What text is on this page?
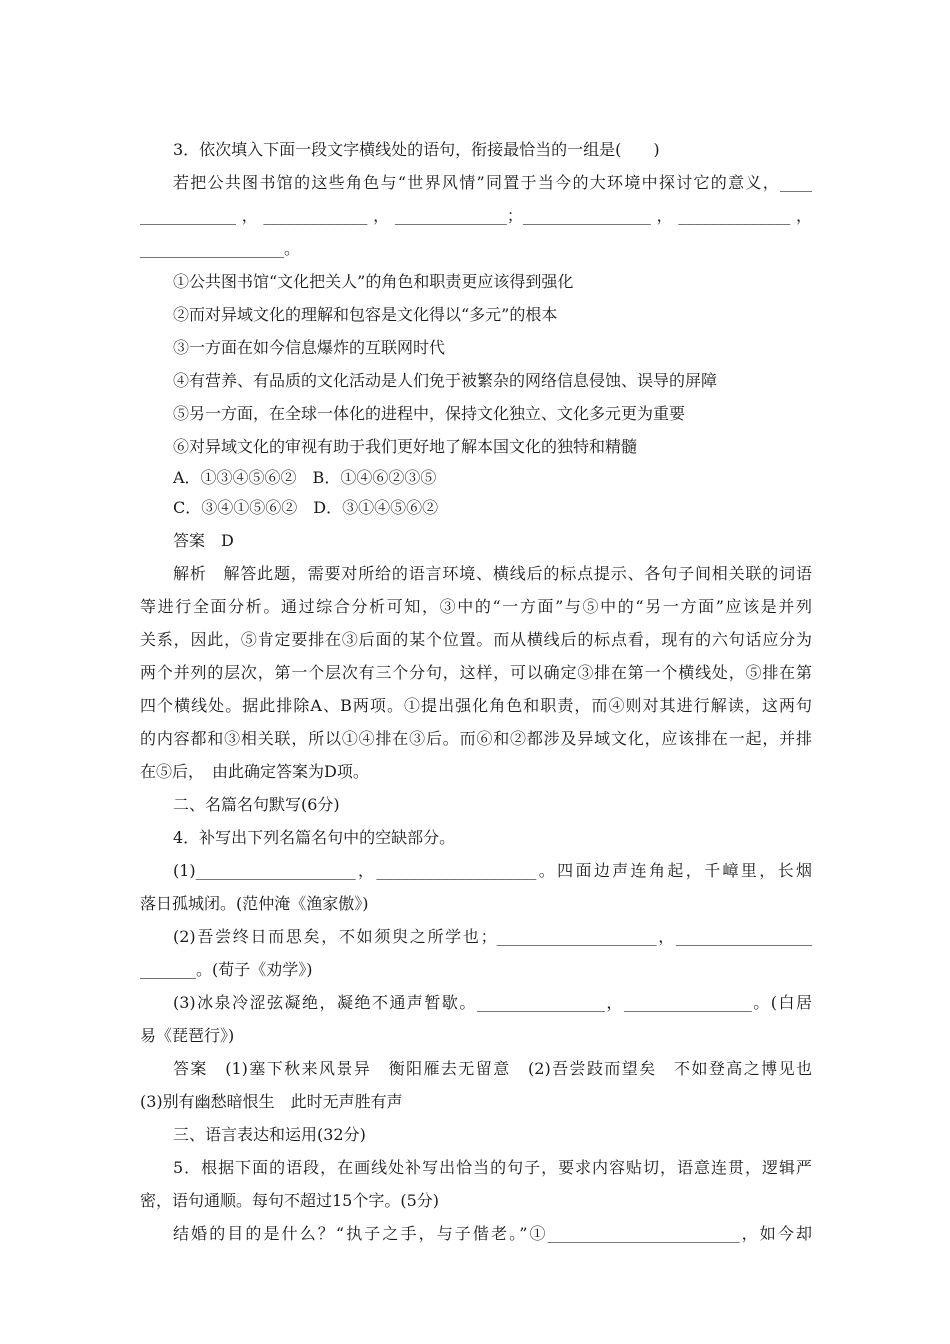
3．依次填入下面一段文字横线处的语句，衔接最恰当的一组是(　　)
若把公共图书馆的这些角色与“世界风情”同置于当今的大环境中探讨它的意义，____
____________，_____________，______________；________________，______________，
__________________。
①公共图书馆“文化把关人”的角色和职责更应该得到强化
②而对异域文化的理解和包容是文化得以“多元”的根本
③一方面在如今信息爆炸的互联网时代
④有营养、有品质的文化活动是人们免于被繁杂的网络信息侵蚀、误导的屏障
⑤另一方面，在全球一体化的进程中，保持文化独立、文化多元更为重要
⑥对异域文化的审视有助于我们更好地了解本国文化的独特和精髓
A．①③④⑤⑥②　B．①④⑥②③⑤
C．③④①⑤⑥②　D．③①④⑤⑥②
答案　D
解析　解答此题，需要对所给的语言环境、横线后的标点提示、各句子间相关联的词语
等进行全面分析。通过综合分析可知，③中的“一方面”与⑤中的“另一方面”应该是并列
关系，因此，⑤肯定要排在③后面的某个位置。而从横线后的标点看，现有的六句话应分为
两个并列的层次，第一个层次有三个分句，这样，可以确定③排在第一个横线处，⑤排在第
四个横线处。据此排除A、B两项。①提出强化角色和职责，而④则对其进行解读，这两句
的内容都和③相关联，所以①④排在③后。而⑥和②都涉及异域文化，应该排在一起，并排
在⑤后，　由此确定答案为D项。
二、名篇名句默写(6分)
4．补写出下列名篇名句中的空缺部分。
(1)____________________，____________________。四面边声连角起，千嶂里，长烟
落日孤城闭。(范仲淹《渔家傲》)
(2)吾尝终日而思矣，不如须臾之所学也；____________________，_________________
_______。(荀子《劝学》)
(3)冰泉冷涩弦凝绝，凝绝不通声暂歇。________________，________________。(白居
易《琵琶行》)
答案　(1)塞下秋来风景异　衡阳雁去无留意　(2)吾尝跂而望矣　不如登高之博见也
(3)别有幽愁暗恨生　此时无声胜有声
三、语言表达和运用(32分)
5．根据下面的语段，在画线处补写出恰当的句子，要求内容贴切，语意连贯，逻辑严
密，语句通顺。每句不超过15个字。(5分)
结婚的目的是什么？“执子之手，与子偕老。”①________________________，如今却
